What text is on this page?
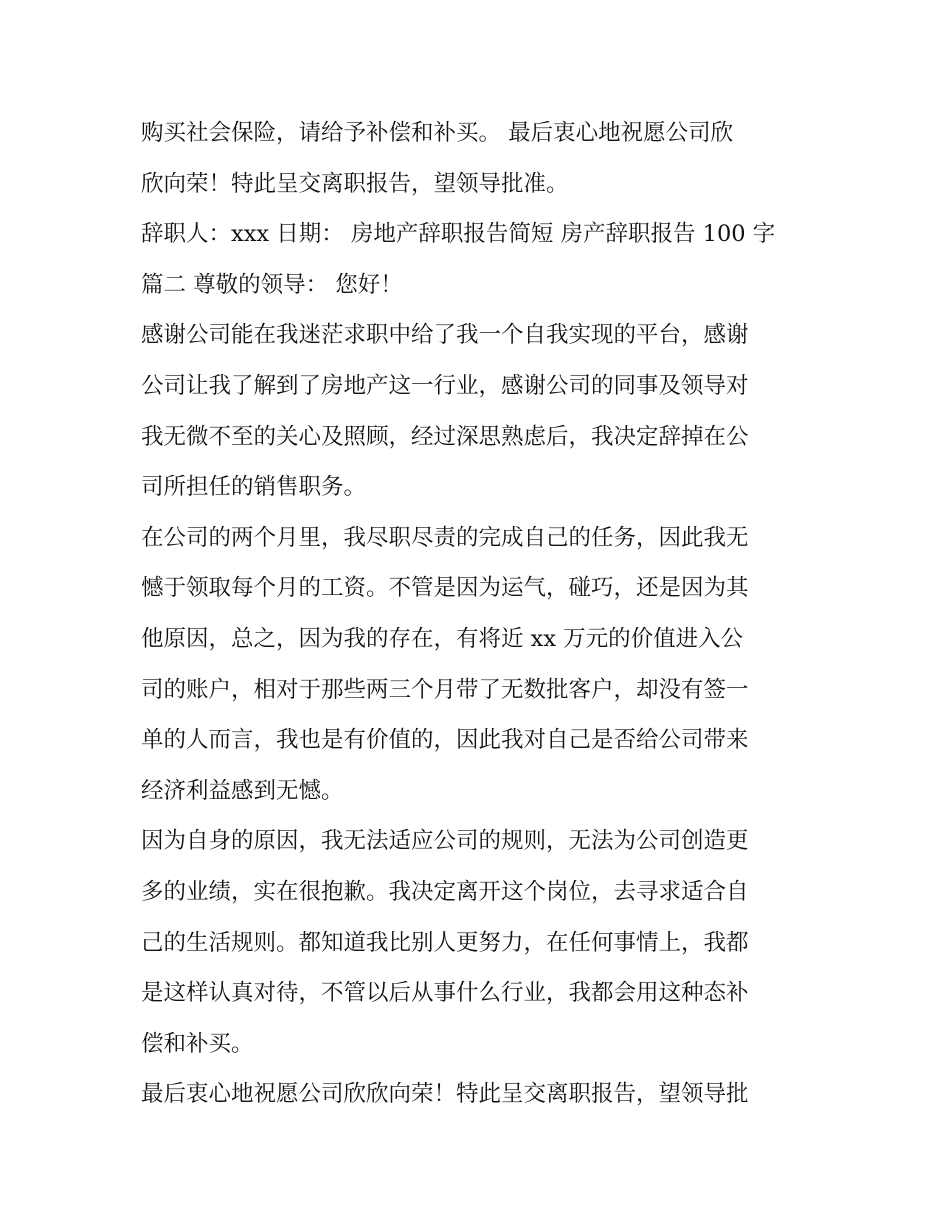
购买社会保险，请给予补偿和补买。 最后衷心地祝愿公司欣
欣向荣！特此呈交离职报告，望领导批准。
辞职人：xxx 日期： 房地产辞职报告简短 房产辞职报告 100 字
篇二 尊敬的领导： 您好！
感谢公司能在我迷茫求职中给了我一个自我实现的平台，感谢
公司让我了解到了房地产这一行业，感谢公司的同事及领导对
我无微不至的关心及照顾，经过深思熟虑后，我决定辞掉在公
司所担任的销售职务。
在公司的两个月里，我尽职尽责的完成自己的任务，因此我无
憾于领取每个月的工资。不管是因为运气，碰巧，还是因为其
他原因，总之，因为我的存在，有将近 xx 万元的价值进入公
司的账户，相对于那些两三个月带了无数批客户，却没有签一
单的人而言，我也是有价值的，因此我对自己是否给公司带来
经济利益感到无憾。
因为自身的原因，我无法适应公司的规则，无法为公司创造更
多的业绩，实在很抱歉。我决定离开这个岗位，去寻求适合自
己的生活规则。都知道我比别人更努力，在任何事情上，我都
是这样认真对待，不管以后从事什么行业，我都会用这种态补
偿和补买。
最后衷心地祝愿公司欣欣向荣！特此呈交离职报告，望领导批
